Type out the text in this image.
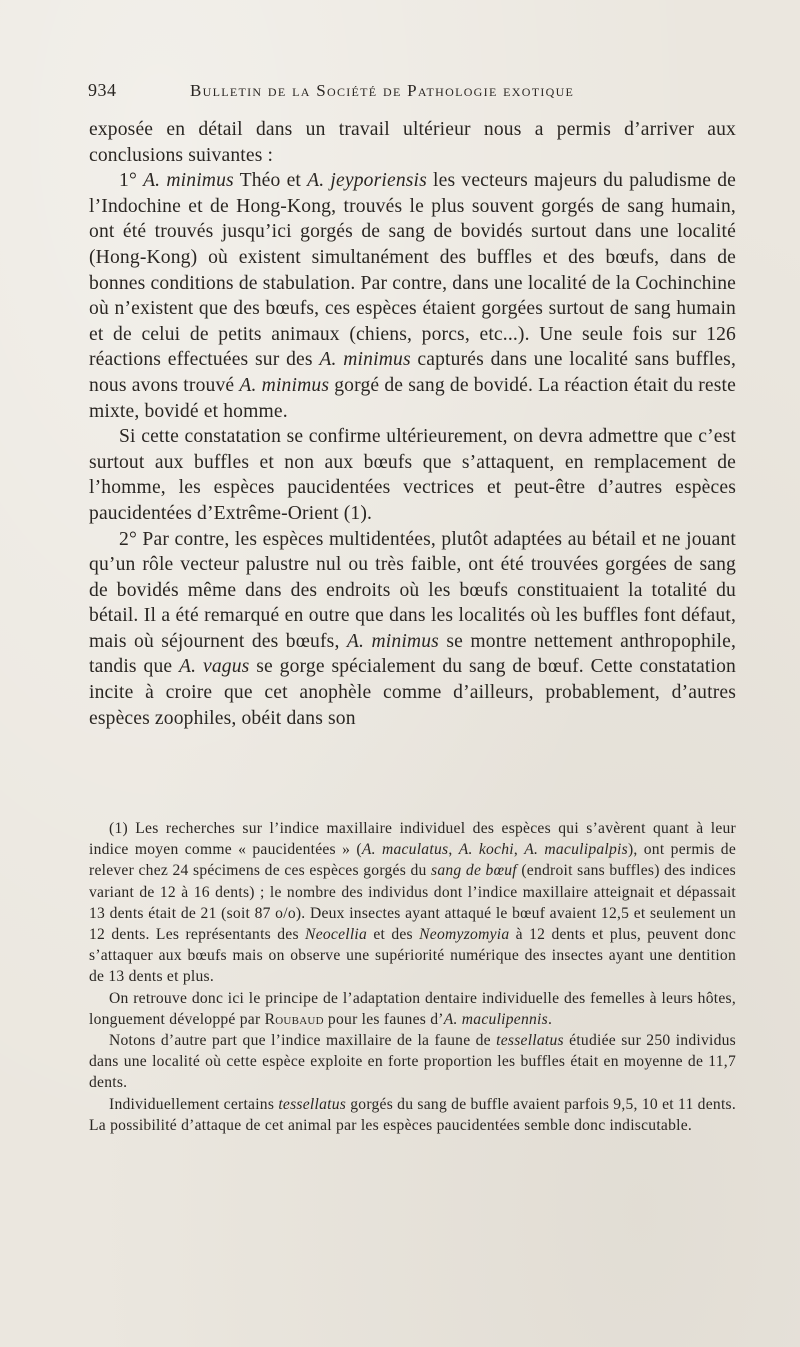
934	Bulletin de la Société de Pathologie exotique

exposée en détail dans un travail ultérieur nous a permis d’arriver aux conclusions suivantes :

1° A. minimus Théo et A. jeyporiensis les vecteurs majeurs du paludisme de l’Indochine et de Hong-Kong, trouvés le plus souvent gorgés de sang humain, ont été trouvés jusqu’ici gorgés de sang de bovidés surtout dans une localité (Hong-Kong) où existent simultanément des buffles et des bœufs, dans de bonnes conditions de stabulation. Par contre, dans une localité de la Cochinchine où n’existent que des bœufs, ces espèces étaient gorgées surtout de sang humain et de celui de petits animaux (chiens, porcs, etc...). Une seule fois sur 126 réactions effectuées sur des A. minimus capturés dans une localité sans buffles, nous avons trouvé A. minimus gorgé de sang de bovidé. La réaction était du reste mixte, bovidé et homme.

Si cette constatation se confirme ultérieurement, on devra admettre que c’est surtout aux buffles et non aux bœufs que s’attaquent, en remplacement de l’homme, les espèces paucidentées vectrices et peut-être d’autres espèces paucidentées d’Extrême-Orient (1).

2° Par contre, les espèces multidentées, plutôt adaptées au bétail et ne jouant qu’un rôle vecteur palustre nul ou très faible, ont été trouvées gorgées de sang de bovidés même dans des endroits où les bœufs constituaient la totalité du bétail. Il a été remarqué en outre que dans les localités où les buffles font défaut, mais où séjournent des bœufs, A. minimus se montre nettement anthropophile, tandis que A. vagus se gorge spécialement du sang de bœuf. Cette constatation incite à croire que cet anophèle comme d’ailleurs, probablement, d’autres espèces zoophiles, obéit dans son

(1) Les recherches sur l’indice maxillaire individuel des espèces qui s’avèrent quant à leur indice moyen comme « paucidentées » (A. maculatus, A. kochi, A. maculipalpis), ont permis de relever chez 24 spécimens de ces espèces gorgés du sang de bœuf (endroit sans buffles) des indices variant de 12 à 16 dents) ; le nombre des individus dont l’indice maxillaire atteignait et dépassait 13 dents était de 21 (soit 87 o/o). Deux insectes ayant attaqué le bœuf avaient 12,5 et seulement un 12 dents. Les représentants des Neocellia et des Neomyzomyia à 12 dents et plus, peuvent donc s’attaquer aux bœufs mais on observe une supériorité numérique des insectes ayant une dentition de 13 dents et plus.

On retrouve donc ici le principe de l’adaptation dentaire individuelle des femelles à leurs hôtes, longuement développé par Roubaud pour les faunes d’A. maculipennis.

Notons d’autre part que l’indice maxillaire de la faune de tessellatus étudiée sur 250 individus dans une localité où cette espèce exploite en forte proportion les buffles était en moyenne de 11,7 dents.

Individuellement certains tessellatus gorgés du sang de buffle avaient parfois 9,5, 10 et 11 dents. La possibilité d’attaque de cet animal par les espèces paucidentées semble donc indiscutable.
